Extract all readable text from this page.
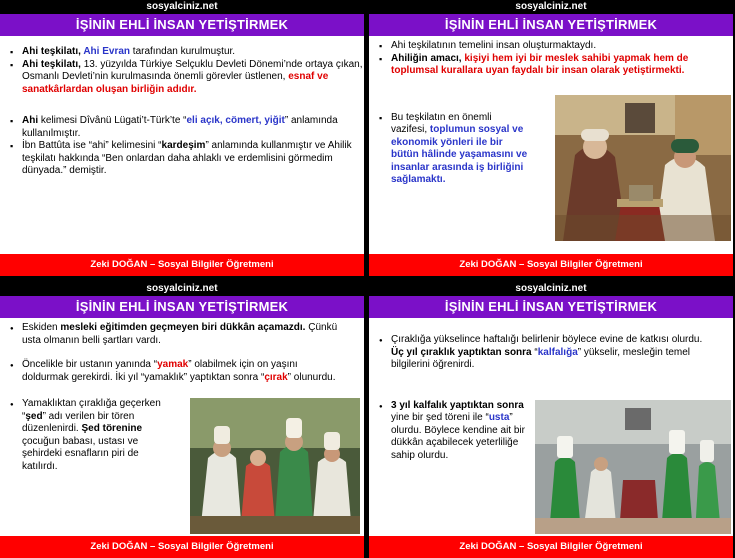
sosyalciniz.net
İŞİNİN EHLİ İNSAN YETİŞTİRMEK
▪ Ahi teşkilatı, Ahi Evran tarafından kurulmuştur.
▪ Ahi teşkilatı, 13. yüzyılda Türkiye Selçuklu Devleti Dönemi’nde ortaya çıkan, Osmanlı Devleti’nin kurulmasında önemli görevler üstlenen, esnaf ve sanatkârlardan oluşan birliğin adıdır.
▪ Ahi kelimesi Dîvânü Lügati’t-Türk’te “eli açık, cömert, yiğit” anlamında kullanılmıştır.
▪ İbn Battûta ise “ahi” kelimesini “kardeşim” anlamında kullanmıştır ve Ahilik teşkilatı hakkında “Ben onlardan daha ahlaklı ve erdemlisini görmedim dünyada.” demiştir.
Zeki DOĞAN – Sosyal Bilgiler Öğretmeni
sosyalciniz.net
İŞİNİN EHLİ İNSAN YETİŞTİRMEK
▪ Ahi teşkilatının temelini insan oluşturmaktaydı.
▪ Ahiliğin amacı, kişiyi hem iyi bir meslek sahibi yapmak hem de toplumsal kurallara uyan faydalı bir insan olarak yetiştirmekti.
▪ Bu teşkilatın en önemli vazifesi, toplumun sosyal ve ekonomik yönleri ile bir bütün hâlinde yaşamasını ve insanlar arasında iş birliğini sağlamaktı.
Zeki DOĞAN – Sosyal Bilgiler Öğretmeni
sosyalciniz.net
İŞİNİN EHLİ İNSAN YETİŞTİRMEK
● Eskiden mesleki eğitimden geçmeyen biri dükkân açamazdı. Çünkü usta olmanın belli şartları vardı.
● Öncelikle bir ustanın yanında “yamak” olabilmek için on yaşını doldurmak gerekirdi. İki yıl “yamaklık” yaptıktan sonra “çırak” olunurdu.
● Yamaklıktan çıraklığa geçerken “şed” adı verilen bir tören düzenlenirdi. Şed törenine çocuğun babası, ustası ve şehirdeki esnafların piri de katılırdı.
Zeki DOĞAN – Sosyal Bilgiler Öğretmeni
sosyalciniz.net
İŞİNİN EHLİ İNSAN YETİŞTİRMEK
● Çıraklığa yükselince haftalığı belirlenir böylece evine de katkısı olurdu. Üç yıl çıraklık yaptıktan sonra “kalfalığa” yükselir, mesleğin temel bilgilerini öğrenirdi.
● 3 yıl kalfalık yaptıktan sonra yine bir şed töreni ile “usta” olurdu. Böylece kendine ait bir dükkân açabilecek yeterliliğe sahip olurdu.
Zeki DOĞAN – Sosyal Bilgiler Öğretmeni
